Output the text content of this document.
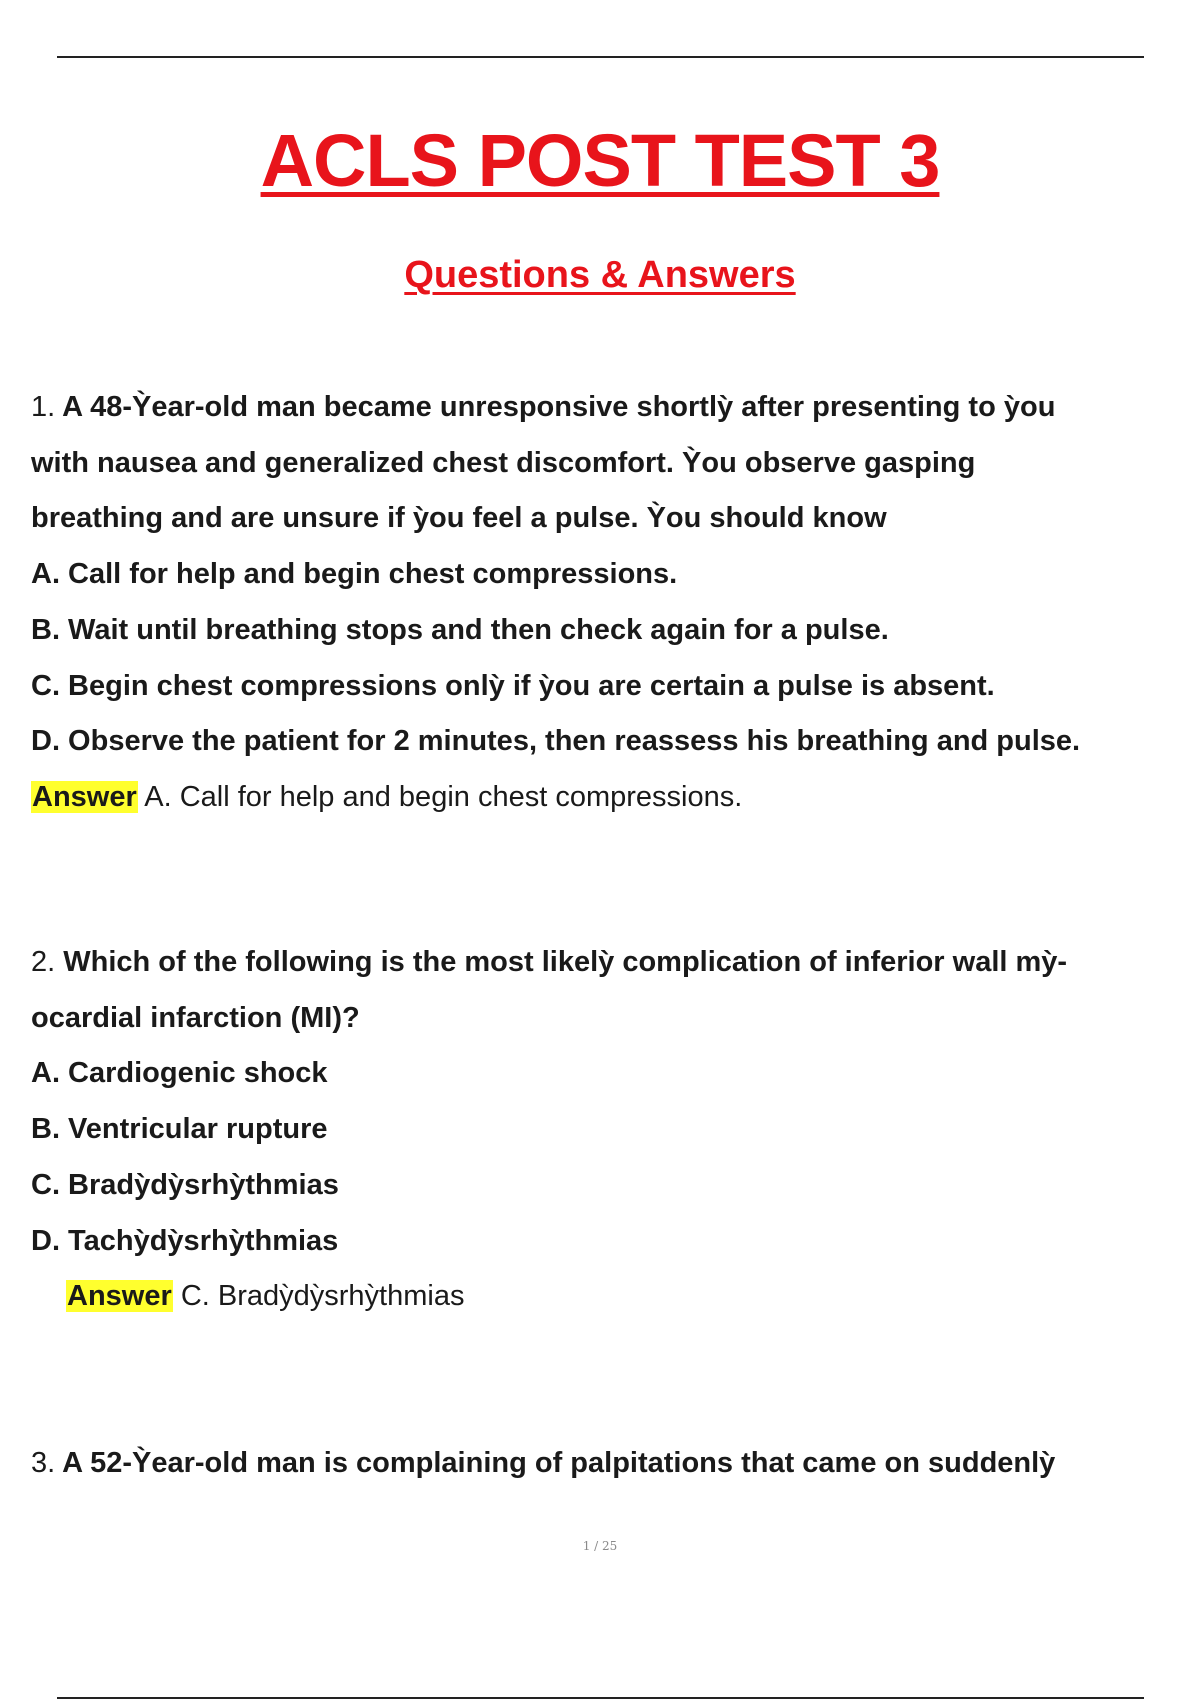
ACLS POST TEST 3
Questions & Answers
1. A 48-Ỳear-old man became unresponsive shortlỳ after presenting to ỳou
with nausea and generalized chest discomfort. Ỳou observe gasping
breathing and are unsure if ỳou feel a pulse. Ỳou should know
A. Call for help and begin chest compressions.
B. Wait until breathing stops and then check again for a pulse.
C. Begin chest compressions onlỳ if ỳou are certain a pulse is absent.
D. Observe the patient for 2 minutes, then reassess his breathing and pulse.
Answer A. Call for help and begin chest compressions.
2. Which of the following is the most likelỳ complication of inferior wall mỳ-
ocardial infarction (MI)?
A. Cardiogenic shock
B. Ventricular rupture
C. Bradỳdỳsrhỳthmias
D. Tachỳdỳsrhỳthmias
Answer C. Bradỳdỳsrhỳthmias
3. A 52-Ỳear-old man is complaining of palpitations that came on suddenlỳ
1 / 25
